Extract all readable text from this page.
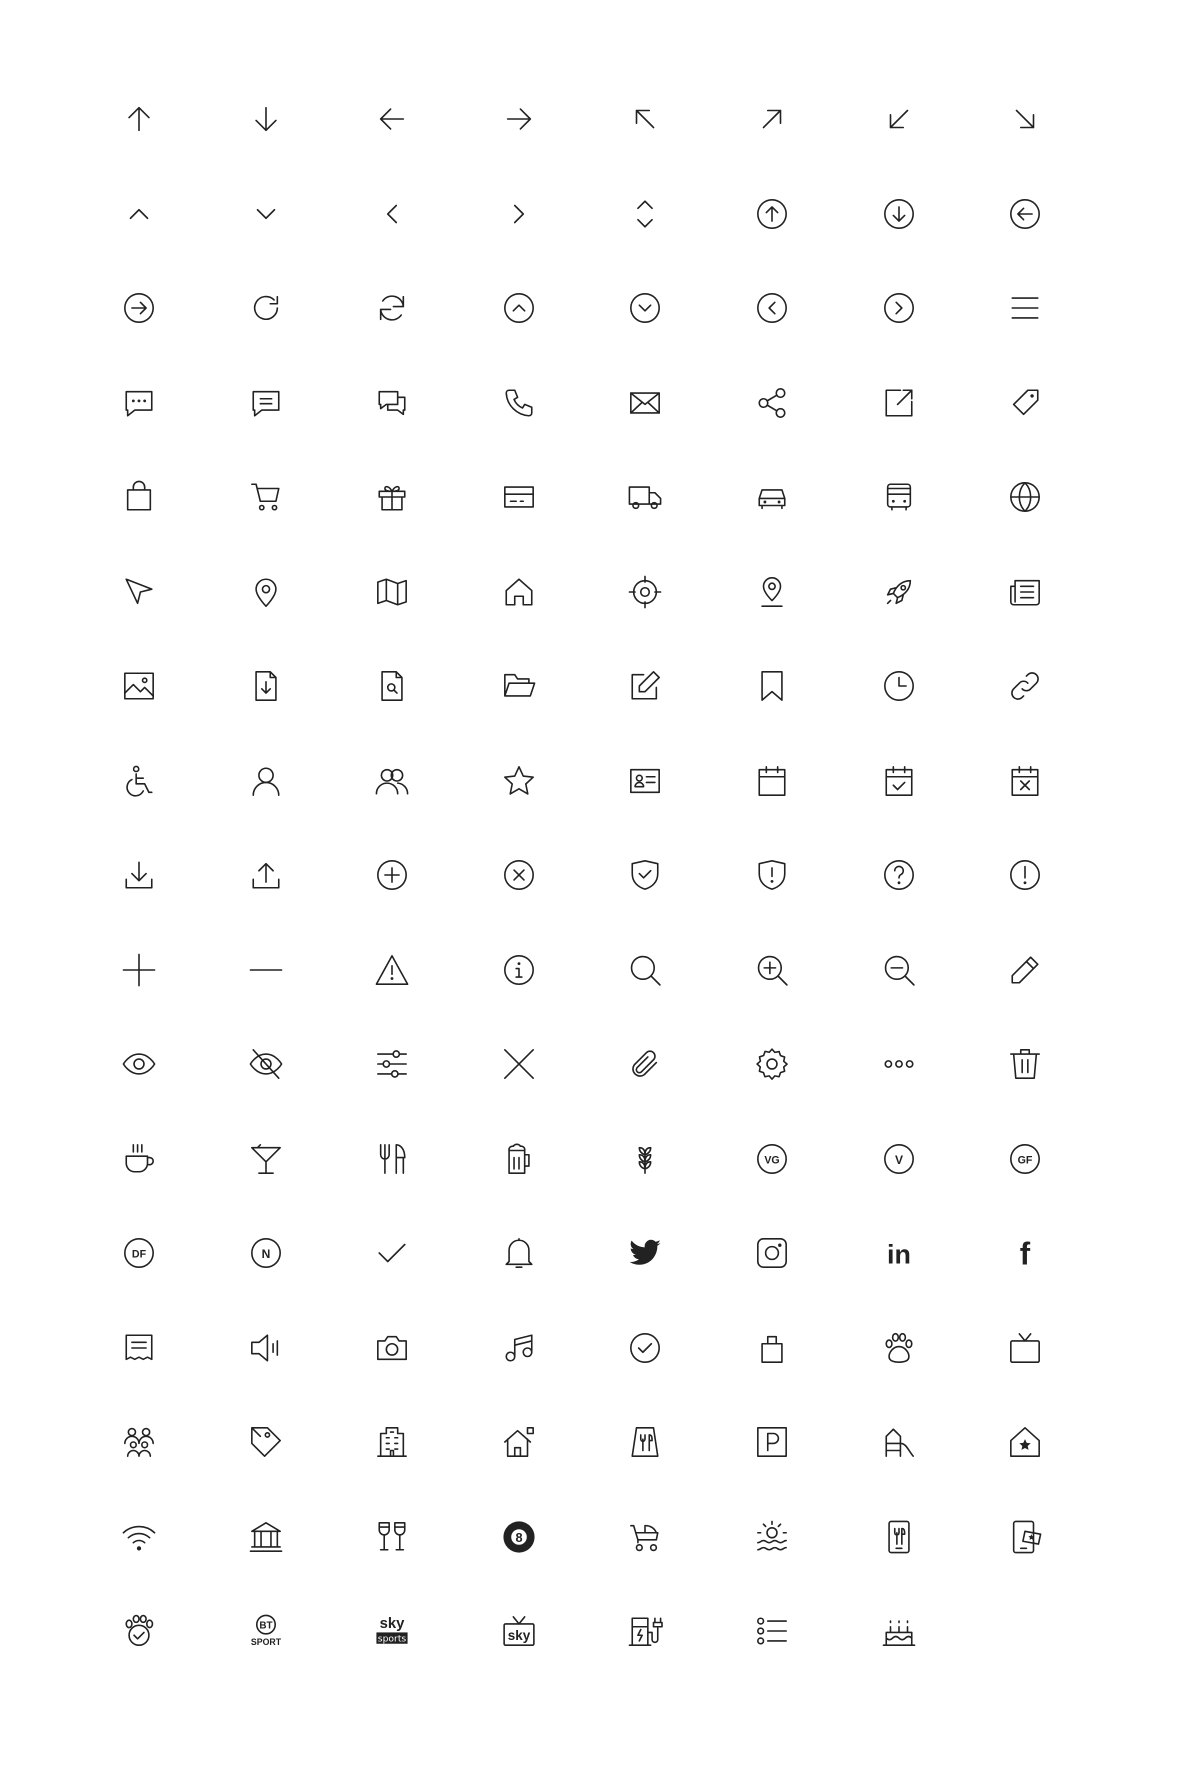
VG	V	GF
DF	N	in	f
8
BT
SPORT
sky
sports	sky
